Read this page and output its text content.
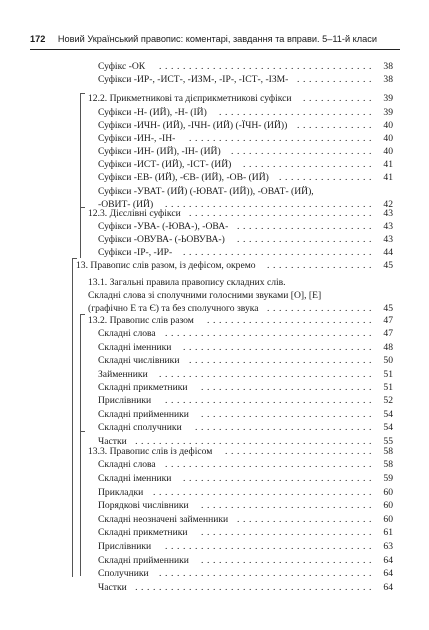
172 Новий Український правопис: коментарі, завдання та вправи. 5–11-й класи
Суфікс -ОК	38
....................................
Суфікси -ИР-, -ИСТ-, -ИЗМ-, -ІР-, -ІСТ-, -ІЗМ-	38
.............
12.2. Прикметникові та дієприкметникові суфікси	39
............
Суфікси -Н- (ИЙ), -Н- (ІЙ)	39
..........................
Суфікси -ИЧН- (ИЙ), -ІЧН- (ИЙ) (-ЇЧН- (ИЙ))	40
.............
Суфікси -ИН-, -ІН-	40
...............................
Суфікси -ИН- (ИЙ), -ІН- (ИЙ)	40
........................
Суфікси -ИСТ- (ИЙ), -ІСТ- (ИЙ)	41
......................
Суфікси -ЕВ- (ИЙ), -ЄВ- (ИЙ), -ОВ- (ИЙ)	41
................
Суфікси -УВАТ- (ИЙ) (-ЮВАТ- (ИЙ)), -ОВАТ- (ИЙ),
-ОВИТ- (ИЙ)	42
...................................
12.3. Дієслівні суфікси	43
...............................
Суфікси -УВА- (-ЮВА-), -ОВА-	43
.......................
Суфікси -ОВУВА- (-ЬОВУВА-)	43
.......................
Суфікси -ІР-, -ИР-	44
................................
13. Правопис слів разом, із дефісом, окремо	45
..................
13.1. Загальні правила правопису складних слів.
Складні слова зі сполучними голосними звуками [О], [Е]
(графічно Е та Є) та без сполучного звука	45
..................
13.2. Правопис слів разом	47
............................
Складні слова	47
...................................
Складні іменники	48
................................
Складні числівники	50
...............................
Займенники	51
....................................
Складні прикметники	51
.............................
Прислівники	52
...................................
Складні прийменники	54
.............................
Складні сполучники	54
..............................
Частки	55
........................................
13.3. Правопис слів із дефісом	58
.........................
Складні слова	58
...................................
Складні іменники	59
................................
Прикладки	60
.....................................
Порядкові числівники	60
.............................
Складні неозначені займенники	60
.......................
Складні прикметники	61
.............................
Прислівники	63
...................................
Складні прийменники	64
.............................
Сполучники	64
....................................
Частки	64
........................................
